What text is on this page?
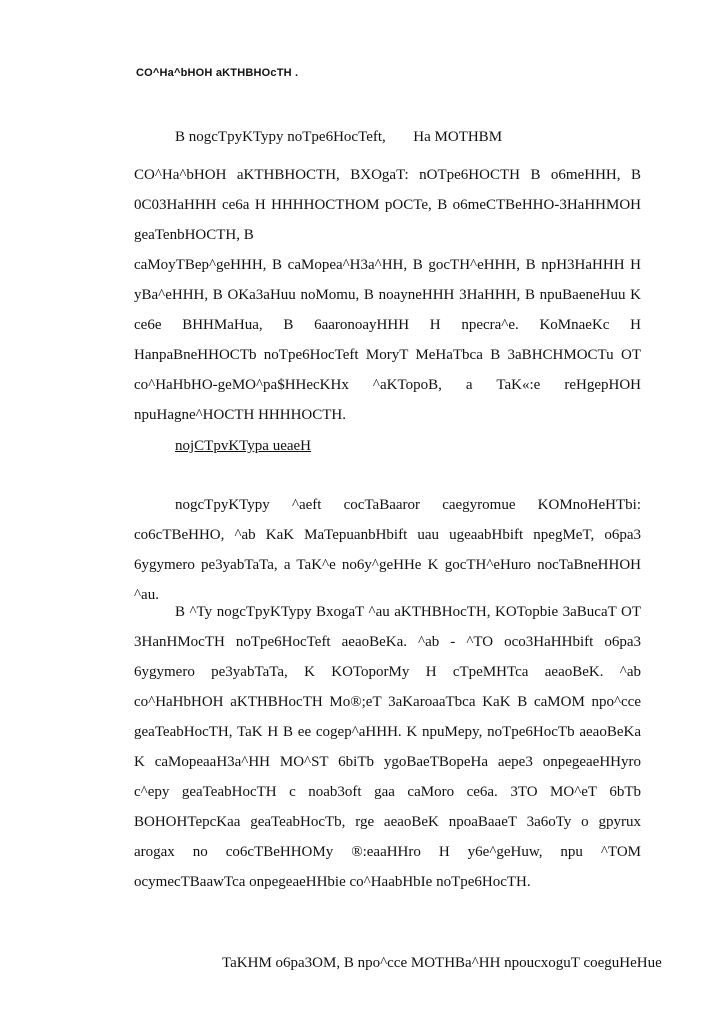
CO^Ha^bHOH aKTHBHOcTH .
B nogcTpyKTypy noTpe6HocTeft, Ha MOTHBM
CO^Ha^bHOH aKTHBHOCTH, BXOgaT: nOTpe6HOCTH B o6meHHH, B 0C03HaHHH ce6a H HHHHOCTHOM pOCTe, B o6meCTBeHHO-3HaHHMOH geaTenbHOCTH, B
caMoyTBep^geHHH, B caMopea^H3a^HH, B gocTH^eHHH, B npH3HaHHH H yBa^eHHH, B OKa3aHuu noMomu, B noayneHHH 3HaHHH, B npuBaeneHuu K ce6e BHHMaHua, B 6aaronoayHHH H npecra^e. KoMnaeKc H HanpaBneHHOCTb noTpe6HocTeft MoryT MeHaTbca B 3aBHCHMOCTu OT co^HaHbHO-geMO^pa$HHecKHx ^aKTopoB, a TaK«:e reHgepHOH npuHagne^HOCTH HHHHOCTH.
nojCTpvKTypa ueaeH
nogcTpyKTypy ^aeft cocTaBaaror caegyromue KOMnoHeHTbi: co6cTBeHHO, ^ab KaK MaTepuanbHbift uau ugeaabHbift npegMeT, o6pa3 6ygymero pe3yabTaTa, a TaK^e no6y^geHHe K gocTH^eHuro nocTaBneHHOH ^au.
B ^Ty nogcTpyKTypy BxogaT ^au aKTHBHocTH, KOTopbie 3aBucaT OT 3HanHMocTH noTpe6HocTeft aeaoBeKa. ^ab - ^TO oco3HaHHbift o6pa3 6ygymero pe3yabTaTa, K KOToporMy H cTpeMHTca aeaoBeK. ^ab co^HaHbHOH aKTHBHocTH Mo®;eT 3aKaroaaTbca KaK B caMOM npo^cce geaTeabHocTH, TaK H B ee cogep^aHHH. K npuMepy, noTpe6HocTb aeaoBeKa K caMopeaaH3a^HH MO^ST 6biTb ygoBaeTBopeHa aepe3 onpegeaeHHyro c^epy geaTeabHocTH c noab3oft gaa caMoro ce6a. 3TO MO^eT 6bTb BOHOHTepcKaa geaTeabHocTb, rge aeaoBeK npoaBaaeT 3a6oTy o gpyrux arogax no co6cTBeHHOMy ®:eaaHHro H y6e^geHuw, npu ^TOM ocymecTBaawTca onpegeaeHHbie co^HaabHbIe noTpe6HocTH.
TaKHM o6pa3OM, B npo^cce MOTHBa^HH npoucxoguT coeguHeHue
